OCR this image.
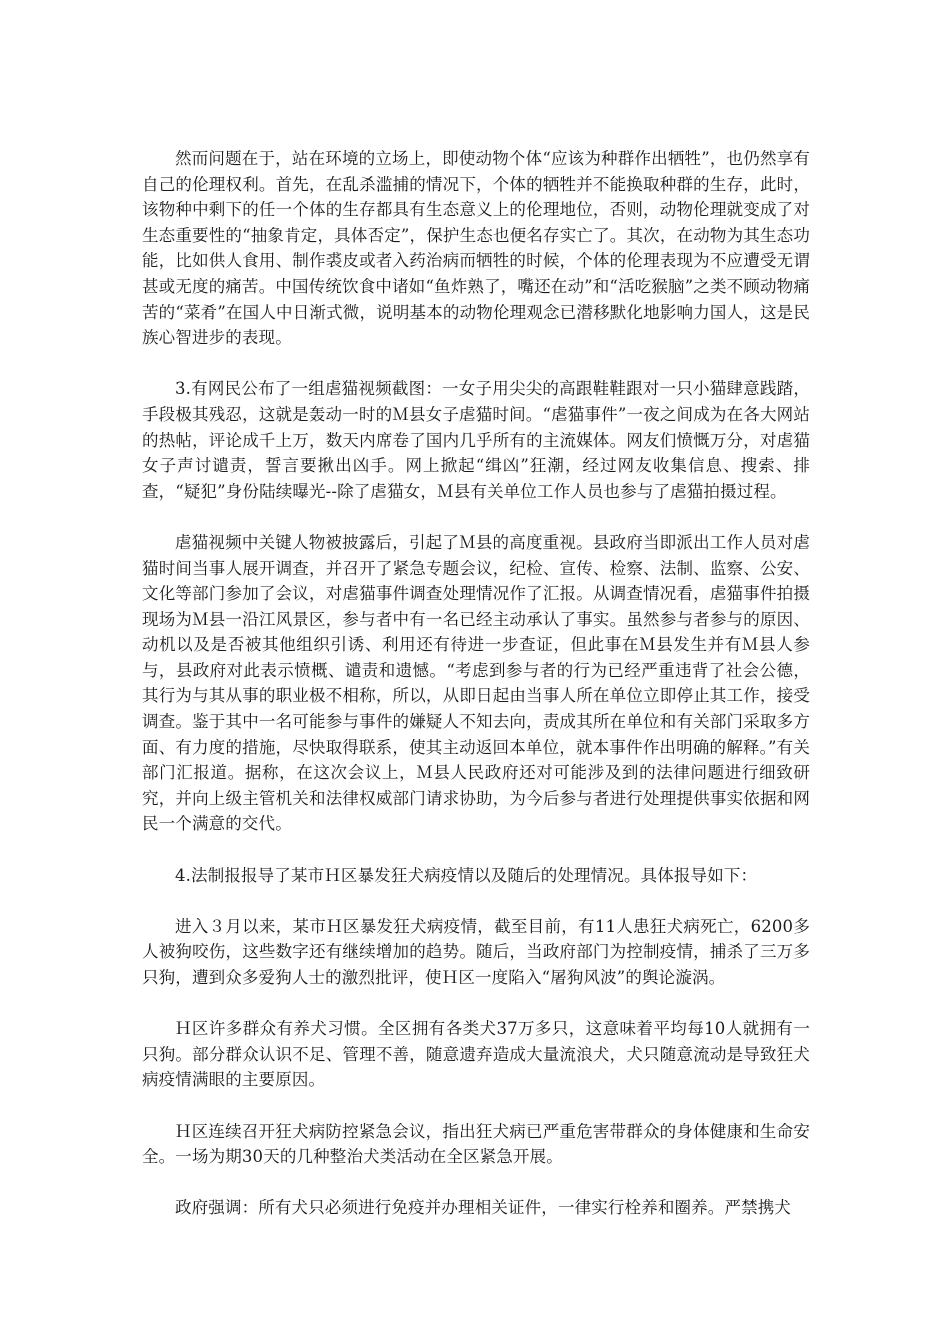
然而问题在于，站在环境的立场上，即使动物个体“应该为种群作出牺牲”，也仍然享有自己的伦理权利。首先，在乱杀滥捕的情况下，个体的牺牲并不能换取种群的生存，此时，该物种中剩下的任一个体的生存都具有生态意义上的伦理地位，否则，动物伦理就变成了对生态重要性的“抽象肯定，具体否定”，保护生态也便名存实亡了。其次，在动物为其生态功能，比如供人食用、制作裘皮或者入药治病而牺牲的时候，个体的伦理表现为不应遭受无谓甚或无度的痛苦。中国传统饮食中诸如“鱼炸熟了，嘴还在动”和“活吃猴脑”之类不顾动物痛苦的“菜肴”在国人中日渐式微，说明基本的动物伦理观念已潜移默化地影响力国人，这是民族心智进步的表现。

3.有网民公布了一组虐猫视频截图：一女子用尖尖的高跟鞋鞋跟对一只小猫肆意践踏，手段极其残忍，这就是轰动一时的Ｍ县女子虐猫时间。“虐猫事件”一夜之间成为在各大网站的热帖，评论成千上万，数天内席卷了国内几乎所有的主流媒体。网友们愤慨万分，对虐猫女子声讨谴责，誓言要揪出凶手。网上掀起“缉凶”狂潮，经过网友收集信息、搜索、排查，“疑犯”身份陆续曝光--除了虐猫女，Ｍ县有关单位工作人员也参与了虐猫拍摄过程。

虐猫视频中关键人物被披露后，引起了Ｍ县的高度重视。县政府当即派出工作人员对虐猫时间当事人展开调查，并召开了紧急专题会议，纪检、宣传、检察、法制、监察、公安、文化等部门参加了会议，对虐猫事件调查处理情况作了汇报。从调查情况看，虐猫事件拍摄现场为Ｍ县一沿江风景区，参与者中有一名已经主动承认了事实。虽然参与者参与的原因、动机以及是否被其他组织引诱、利用还有待进一步查证，但此事在Ｍ县发生并有Ｍ县人参与，县政府对此表示愤概、谴责和遗憾。“考虑到参与者的行为已经严重违背了社会公德，其行为与其从事的职业极不相称，所以，从即日起由当事人所在单位立即停止其工作，接受调查。鉴于其中一名可能参与事件的嫌疑人不知去向，责成其所在单位和有关部门采取多方面、有力度的措施，尽快取得联系，使其主动返回本单位，就本事件作出明确的解释。”有关部门汇报道。据称，在这次会议上，Ｍ县人民政府还对可能涉及到的法律问题进行细致研究，并向上级主管机关和法律权威部门请求协助，为今后参与者进行处理提供事实依据和网民一个满意的交代。

4.法制报报导了某市Ｈ区暴发狂犬病疫情以及随后的处理情况。具体报导如下：

进入３月以来，某市Ｈ区暴发狂犬病疫情，截至目前，有11人患狂犬病死亡，6200多人被狗咬伤，这些数字还有继续增加的趋势。随后，当政府部门为控制疫情，捕杀了三万多只狗，遭到众多爱狗人士的激烈批评，使Ｈ区一度陷入“屠狗风波”的舆论漩涡。

Ｈ区许多群众有养犬习惯。全区拥有各类犬37万多只，这意味着平均每10人就拥有一只狗。部分群众认识不足、管理不善，随意遗弃造成大量流浪犬，犬只随意流动是导致狂犬病疫情满眼的主要原因。

Ｈ区连续召开狂犬病防控紧急会议，指出狂犬病已严重危害带群众的身体健康和生命安全。一场为期30天的几种整治犬类活动在全区紧急开展。

政府强调：所有犬只必须进行免疫并办理相关证件，一律实行栓养和圈养。严禁携犬
